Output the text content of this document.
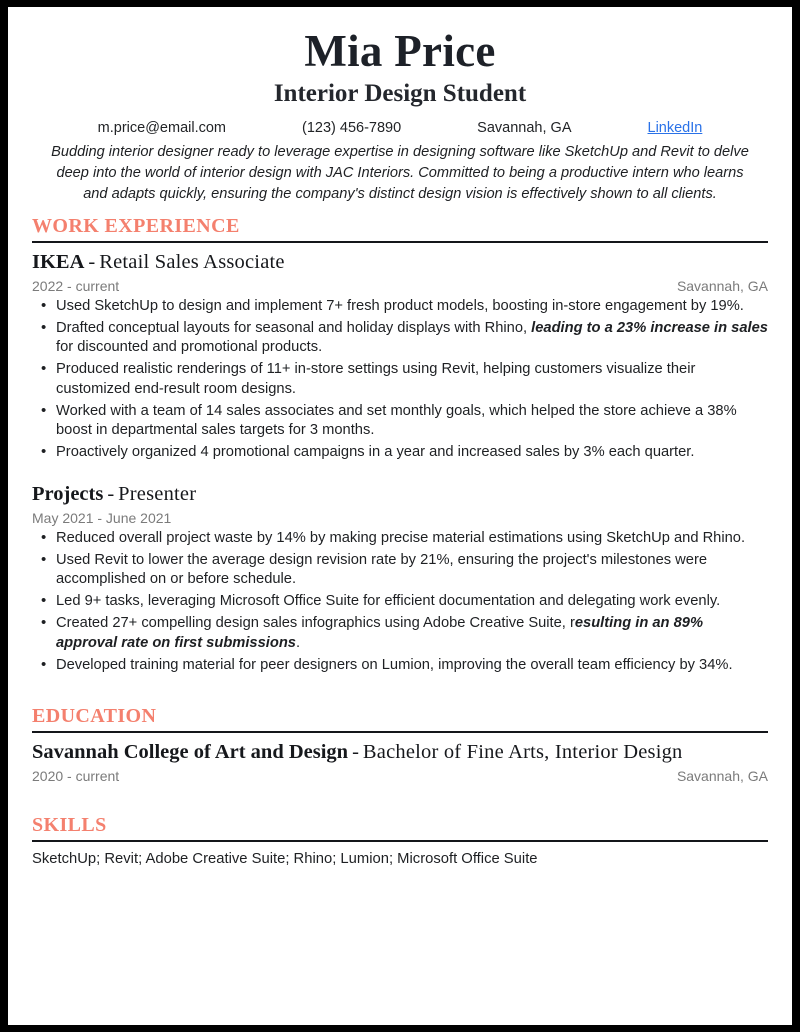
Mia Price
Interior Design Student
m.price@email.com	(123) 456-7890	Savannah, GA	LinkedIn
Budding interior designer ready to leverage expertise in designing software like SketchUp and Revit to delve deep into the world of interior design with JAC Interiors. Committed to being a productive intern who learns and adapts quickly, ensuring the company's distinct design vision is effectively shown to all clients.
WORK EXPERIENCE
IKEA - Retail Sales Associate
2022 - current	Savannah, GA
• Used SketchUp to design and implement 7+ fresh product models, boosting in-store engagement by 19%.
• Drafted conceptual layouts for seasonal and holiday displays with Rhino, leading to a 23% increase in sales for discounted and promotional products.
• Produced realistic renderings of 11+ in-store settings using Revit, helping customers visualize their customized end-result room designs.
• Worked with a team of 14 sales associates and set monthly goals, which helped the store achieve a 38% boost in departmental sales targets for 3 months.
• Proactively organized 4 promotional campaigns in a year and increased sales by 3% each quarter.
Projects - Presenter
May 2021 - June 2021
• Reduced overall project waste by 14% by making precise material estimations using SketchUp and Rhino.
• Used Revit to lower the average design revision rate by 21%, ensuring the project's milestones were accomplished on or before schedule.
• Led 9+ tasks, leveraging Microsoft Office Suite for efficient documentation and delegating work evenly.
• Created 27+ compelling design sales infographics using Adobe Creative Suite, resulting in an 89% approval rate on first submissions.
• Developed training material for peer designers on Lumion, improving the overall team efficiency by 34%.
EDUCATION
Savannah College of Art and Design - Bachelor of Fine Arts, Interior Design
2020 - current	Savannah, GA
SKILLS
SketchUp; Revit; Adobe Creative Suite; Rhino; Lumion; Microsoft Office Suite
